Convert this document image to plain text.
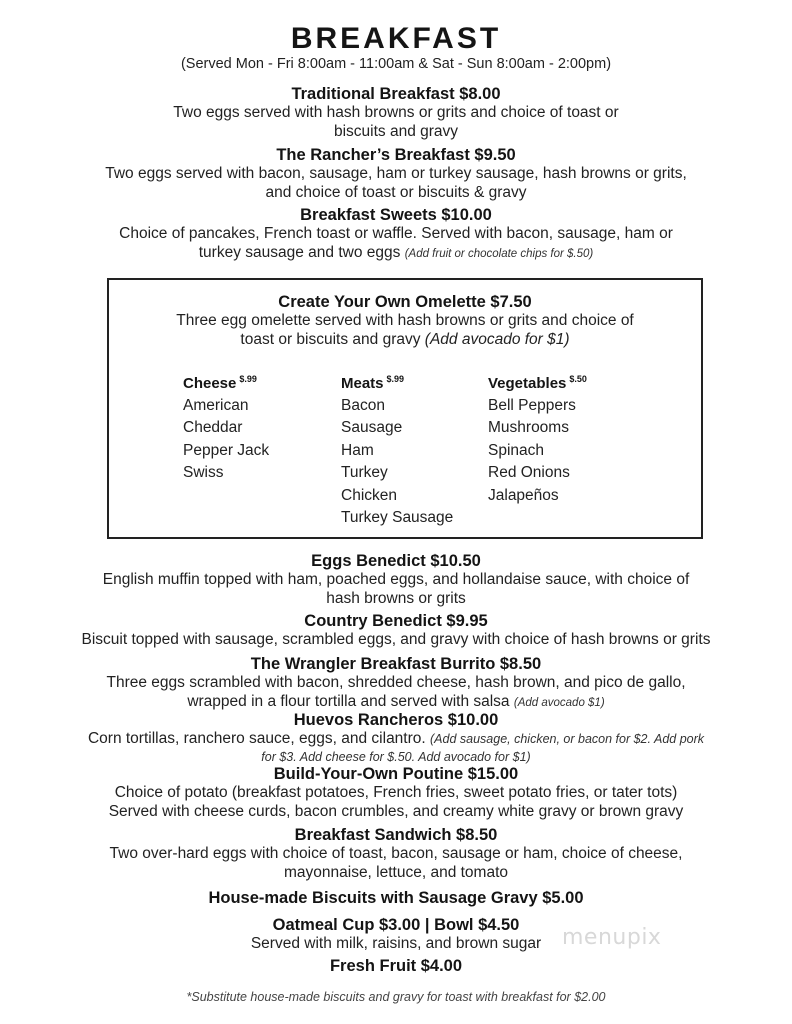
BREAKFAST
(Served Mon - Fri 8:00am - 11:00am & Sat - Sun 8:00am - 2:00pm)
Traditional Breakfast $8.00
Two eggs served with hash browns or grits and choice of toast or
biscuits and gravy
The Rancher’s Breakfast $9.50
Two eggs served with bacon, sausage, ham or turkey sausage, hash browns or grits,
and choice of toast or biscuits & gravy
Breakfast Sweets $10.00
Choice of pancakes, French toast or waffle. Served with bacon, sausage, ham or
turkey sausage and two eggs (Add fruit or chocolate chips for $.50)
Create Your Own Omelette $7.50
Three egg omelette served with hash browns or grits and choice of
toast or biscuits and gravy (Add avocado for $1)
Cheese $^{\$.99}$
American
Cheddar
Pepper Jack
Swiss
Meats $^{\$.99}$
Bacon
Sausage
Ham
Turkey
Chicken
Turkey Sausage
Vegetables $^{\$.50}$
Bell Peppers
Mushrooms
Spinach
Red Onions
Jalapeños
Eggs Benedict $10.50
English muffin topped with ham, poached eggs, and hollandaise sauce, with choice of
hash browns or grits
Country Benedict $9.95
Biscuit topped with sausage, scrambled eggs, and gravy with choice of hash browns or grits
The Wrangler Breakfast Burrito $8.50
Three eggs scrambled with bacon, shredded cheese, hash brown, and pico de gallo,
wrapped in a flour tortilla and served with salsa (Add avocado $1)
Huevos Rancheros $10.00
Corn tortillas, ranchero sauce, eggs, and cilantro. (Add sausage, chicken, or bacon for $2. Add pork
for $3. Add cheese for $.50. Add avocado for $1)
Build-Your-Own Poutine $15.00
Choice of potato (breakfast potatoes, French fries, sweet potato fries, or tater tots)
Served with cheese curds, bacon crumbles, and creamy white gravy or brown gravy
Breakfast Sandwich $8.50
Two over-hard eggs with choice of toast, bacon, sausage or ham, choice of cheese,
mayonnaise, lettuce, and tomato
House-made Biscuits with Sausage Gravy $5.00
Oatmeal Cup $3.00 | Bowl $4.50
Served with milk, raisins, and brown sugar
Fresh Fruit $4.00
*Substitute house-made biscuits and gravy for toast with breakfast for $2.00
menupix
